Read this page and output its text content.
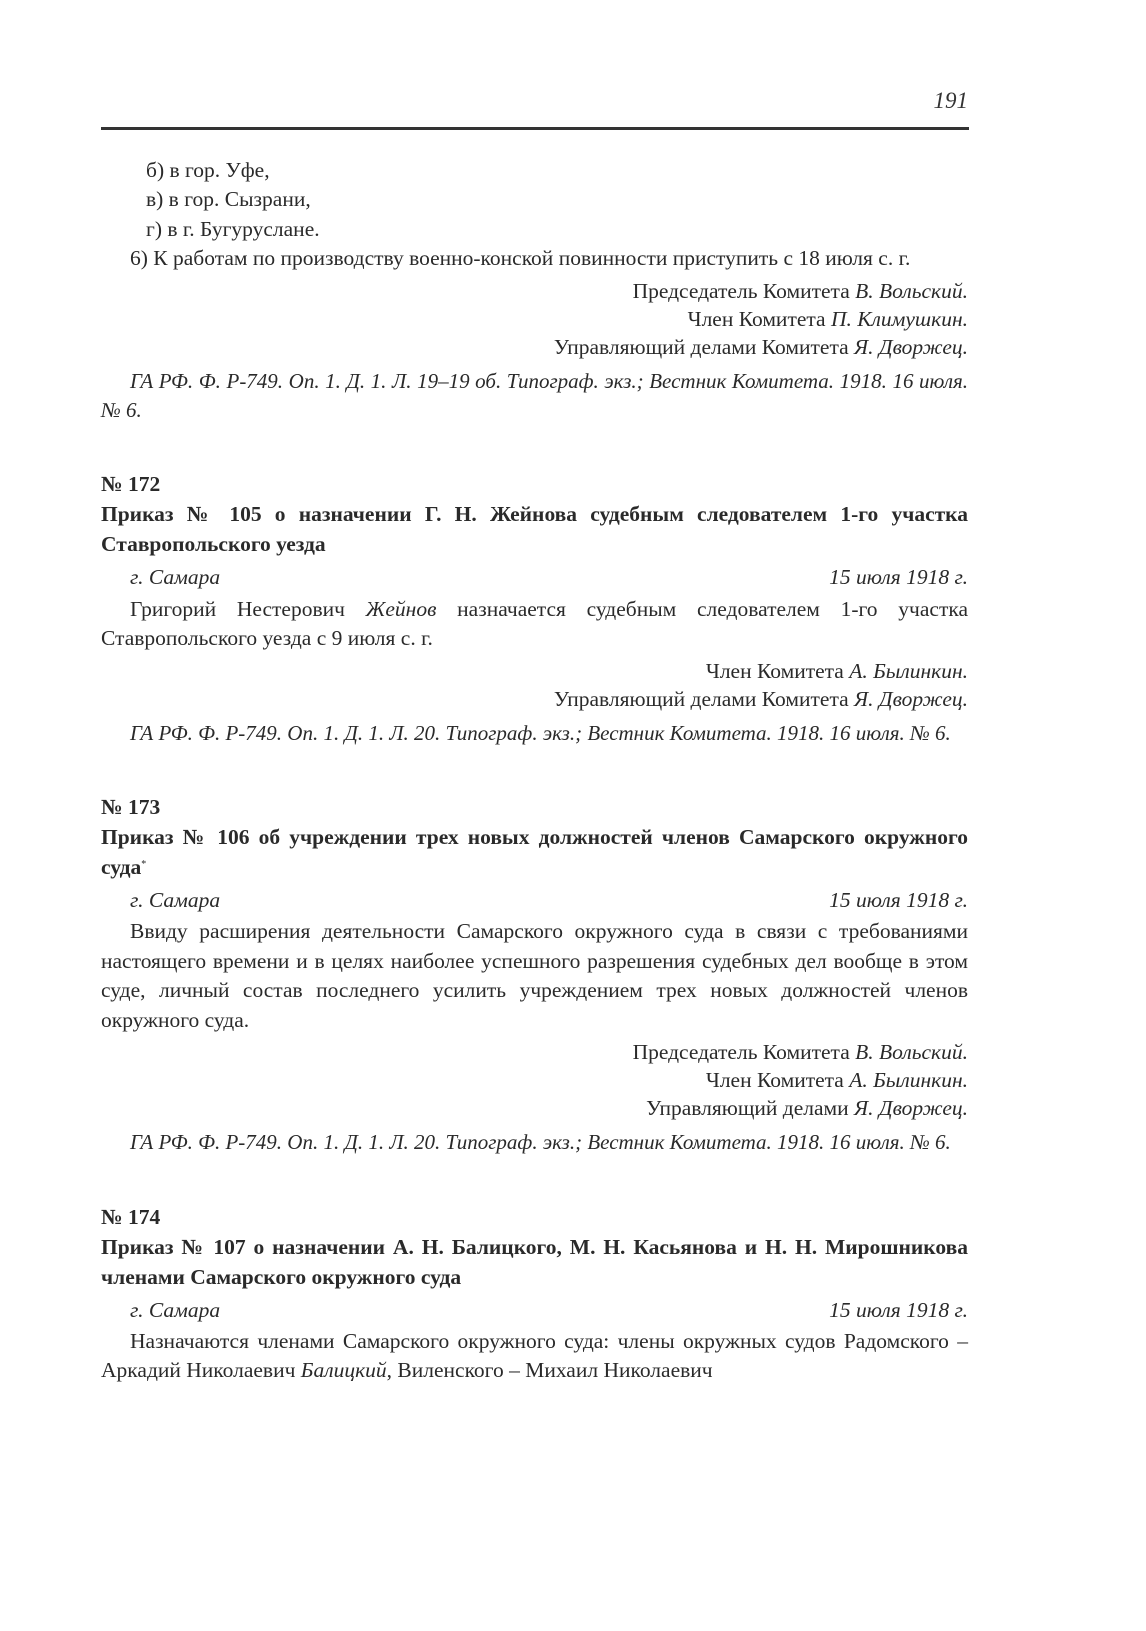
191

б) в гор. Уфе,

в) в гор. Сызрани,

г) в г. Бугуруслане.

6) К работам по производству военно-конской повинности приступить с 18 июля с. г.

Председатель Комитета В. Вольский.
Член Комитета П. Климушкин.
Управляющий делами Комитета Я. Дворжец.

ГА РФ. Ф. Р-749. Оп. 1. Д. 1. Л. 19–19 об. Типограф. экз.; Вестник Комитета. 1918. 16 июля. № 6.

№ 172
Приказ № 105 о назначении Г. Н. Жейнова судебным следователем 1-го участка Ставропольского уезда
г. Самара	15 июля 1918 г.

Григорий Нестерович Жейнов назначается судебным следователем 1-го участка Ставропольского уезда с 9 июля с. г.

Член Комитета А. Былинкин.
Управляющий делами Комитета Я. Дворжец.

ГА РФ. Ф. Р-749. Оп. 1. Д. 1. Л. 20. Типограф. экз.; Вестник Комитета. 1918. 16 июля. № 6.

№ 173
Приказ № 106 об учреждении трех новых должностей членов Самарского окружного суда*
г. Самара	15 июля 1918 г.

Ввиду расширения деятельности Самарского окружного суда в связи с требованиями настоящего времени и в целях наиболее успешного разрешения судебных дел вообще в этом суде, личный состав последнего усилить учреждением трех новых должностей членов окружного суда.

Председатель Комитета В. Вольский.
Член Комитета А. Былинкин.
Управляющий делами Я. Дворжец.

ГА РФ. Ф. Р-749. Оп. 1. Д. 1. Л. 20. Типограф. экз.; Вестник Комитета. 1918. 16 июля. № 6.

№ 174
Приказ № 107 о назначении А. Н. Балицкого, М. Н. Касьянова и Н. Н. Мирошникова членами Самарского окружного суда
г. Самара	15 июля 1918 г.

Назначаются членами Самарского окружного суда: члены окружных судов Радомского – Аркадий Николаевич Балицкий, Виленского – Михаил Николаевич
